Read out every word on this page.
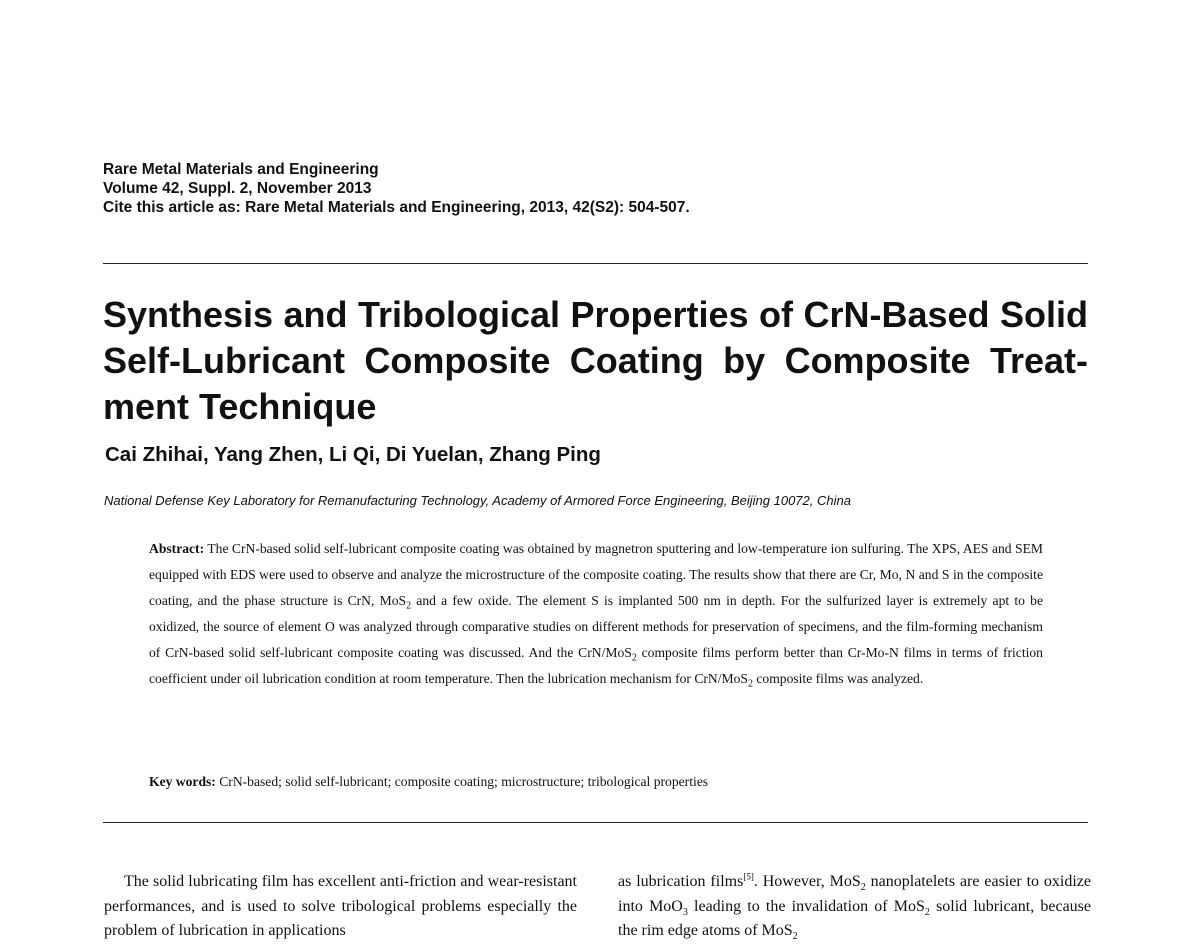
Rare Metal Materials and Engineering
Volume 42, Suppl. 2, November 2013
Cite this article as: Rare Metal Materials and Engineering, 2013, 42(S2): 504-507.
Synthesis and Tribological Properties of CrN-Based Solid Self-Lubricant Composite Coating by Composite Treat-ment Technique
Cai Zhihai, Yang Zhen, Li Qi, Di Yuelan, Zhang Ping
National Defense Key Laboratory for Remanufacturing Technology, Academy of Armored Force Engineering, Beijing 10072, China

Abstract: The CrN-based solid self-lubricant composite coating was obtained by magnetron sputtering and low-temperature ion sulfuring. The XPS, AES and SEM equipped with EDS were used to observe and analyze the microstructure of the composite coating. The results show that there are Cr, Mo, N and S in the composite coating, and the phase structure is CrN, MoS$_2$ and a few oxide. The element S is implanted 500 nm in depth. For the sulfurized layer is extremely apt to be oxidized, the source of element O was analyzed through comparative studies on different methods for preservation of specimens, and the film-forming mechanism of CrN-based solid self-lubricant composite coating was discussed. And the CrN/MoS$_2$ composite films perform better than Cr-Mo-N films in terms of friction coefficient under oil lubrication condition at room temperature. Then the lubrication mechanism for CrN/MoS$_2$ composite films was analyzed.

Key words: CrN-based; solid self-lubricant; composite coating; microstructure; tribological properties

The solid lubricating film has excellent anti-friction and wear-resistant performances, and is used to solve tribological problems especially the problem of lubrication in applications

as lubrication films[5]. However, MoS$_2$ nanoplatelets are easier to oxidize into MoO$_3$ leading to the invalidation of MoS$_2$ solid lubricant, because the rim edge atoms of MoS$_2$
